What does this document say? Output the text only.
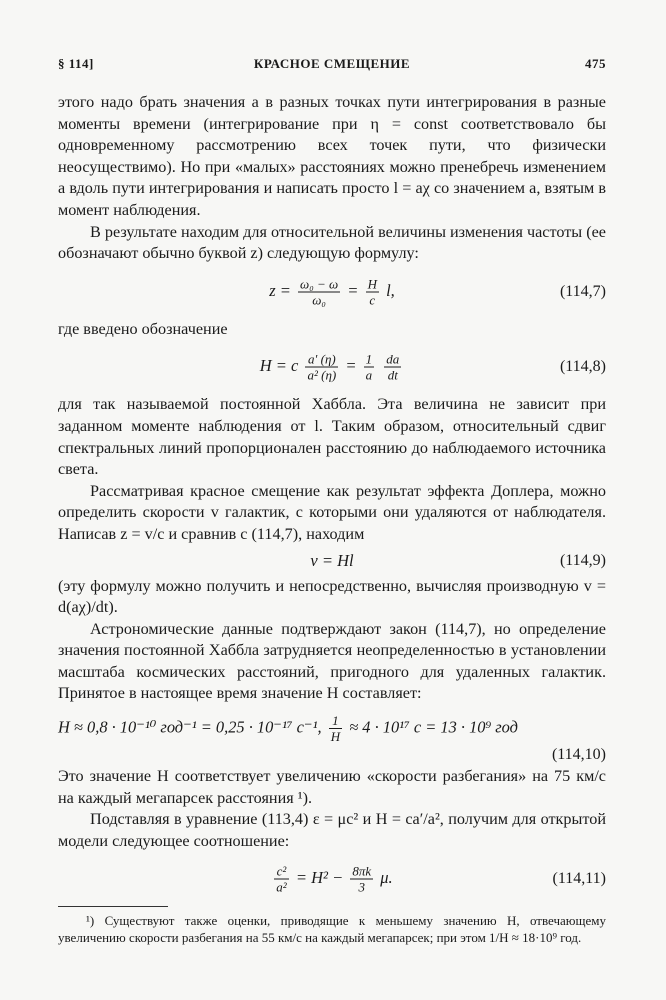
§ 114]	КРАСНОЕ СМЕЩЕНИЕ	475

этого надо брать значения a в разных точках пути интегрирования в разные моменты времени (интегрирование при η = const соответствовало бы одновременному рассмотрению всех точек пути, что физически неосуществимо). Но при «малых» расстояниях можно пренебречь изменением a вдоль пути интегрирования и написать просто l = aχ со значением a, взятым в момент наблюдения.

В результате находим для относительной величины изменения частоты (ее обозначают обычно буквой z) следующую формулу:

$z = \frac{\text{ω₀ − ω}}{\text{ω₀}} = \frac{H}{c} l$,	(114,7)

где введено обозначение

H = c $\frac{a' (\eta)}{\text{a² (η)}} = \frac{1}{a}$
$\frac{da}{dt}$	(114,8)

для так называемой постоянной Хаббла. Эта величина не зависит при заданном моменте наблюдения от l. Таким образом, относительный сдвиг спектральных линий пропорционален расстоянию до наблюдаемого источника света.

Рассматривая красное смещение как результат эффекта Доплера, можно определить скорости v галактик, с которыми они удаляются от наблюдателя. Написав z = v/c и сравнив с (114,7), находим

v = Hl	(114,9)

(эту формулу можно получить и непосредственно, вычисляя производную v = d(aχ)/dt).

Астрономические данные подтверждают закон (114,7), но определение значения постоянной Хаббла затрудняется неопределенностью в установлении масштаба космических расстояний, пригодного для удаленных галактик. Принятое в настоящее время значение H составляет:

H ≈ 0,8 · 10⁻¹⁰ год⁻¹ = 0,25 · 10⁻¹⁷ с⁻¹, $\frac{1}{H} \approx 4 \cdot 10^{17}$ с = 13 · 10⁹ год
(114,10)

Это значение H соответствует увеличению «скорости разбегания» на 75 км/с на каждый мегапарсек расстояния ¹).

Подставляя в уравнение (113,4) ε = μc² и H = ca′/a², получим для открытой модели следующее соотношение:

$\frac{\text{c²}}{\text{a²}} = H^2 - \frac{8\pi k}{3} \mu$.	(114,11)

¹) Существуют также оценки, приводящие к меньшему значению H, отвечающему увеличению скорости разбегания на 55 км/с на каждый мегапарсек; при этом 1/H ≈ 18·10⁹ год.
